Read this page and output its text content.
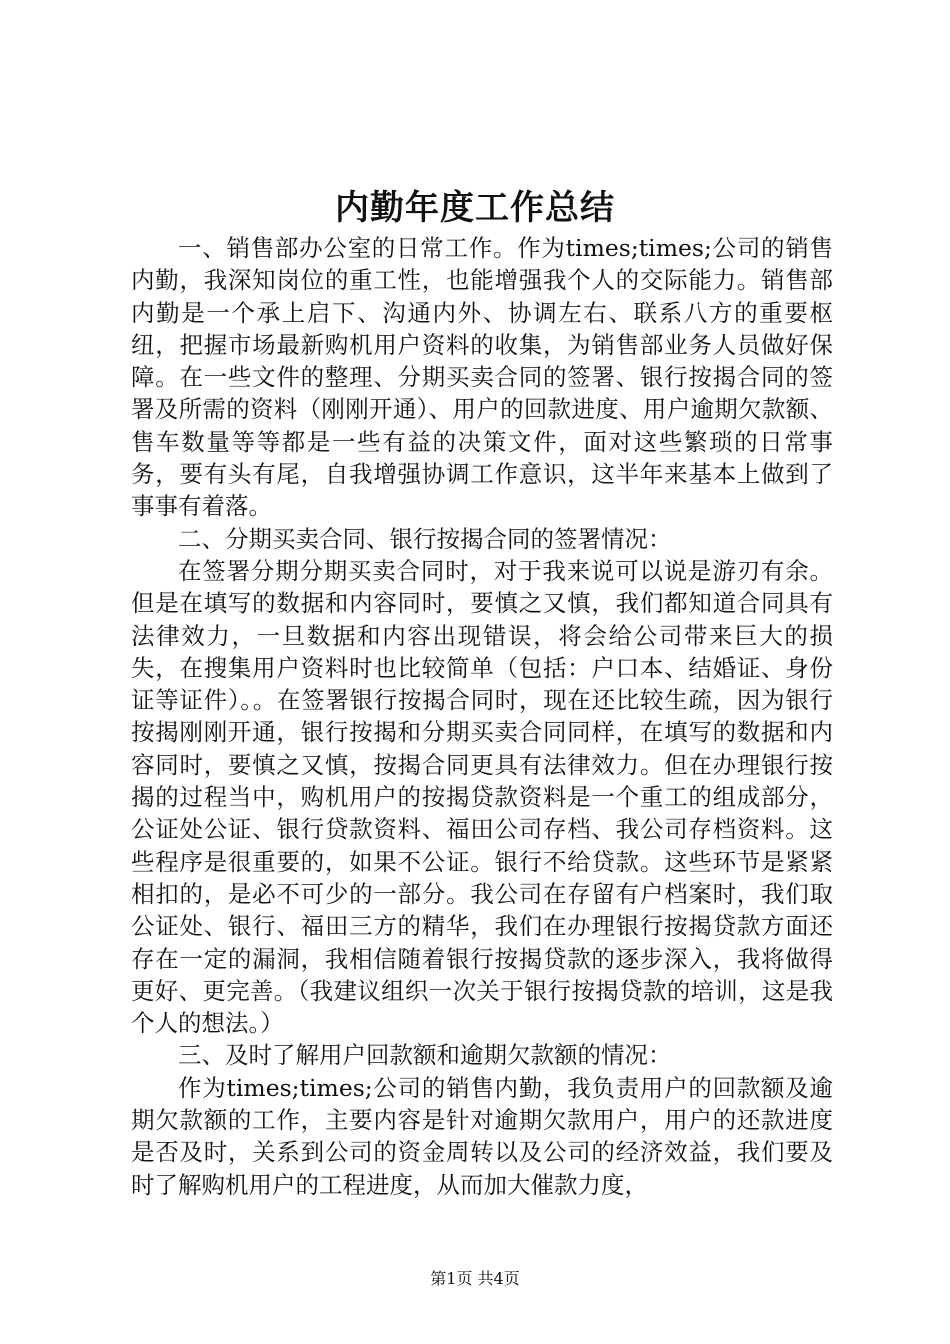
内勤年度工作总结

一、销售部办公室的日常工作。作为times;times;公司的销售内勤，我深知岗位的重工性，也能增强我个人的交际能力。销售部内勤是一个承上启下、沟通内外、协调左右、联系八方的重要枢纽，把握市场最新购机用户资料的收集，为销售部业务人员做好保障。在一些文件的整理、分期买卖合同的签署、银行按揭合同的签署及所需的资料（刚刚开通）、用户的回款进度、用户逾期欠款额、售车数量等等都是一些有益的决策文件，面对这些繁琐的日常事务，要有头有尾，自我增强协调工作意识，这半年来基本上做到了事事有着落。

二、分期买卖合同、银行按揭合同的签署情况：

在签署分期分期买卖合同时，对于我来说可以说是游刃有余。但是在填写的数据和内容同时，要慎之又慎，我们都知道合同具有法律效力，一旦数据和内容出现错误，将会给公司带来巨大的损失，在搜集用户资料时也比较简单（包括：户口本、结婚证、身份证等证件）。。在签署银行按揭合同时，现在还比较生疏，因为银行按揭刚刚开通，银行按揭和分期买卖合同同样，在填写的数据和内容同时，要慎之又慎，按揭合同更具有法律效力。但在办理银行按揭的过程当中，购机用户的按揭贷款资料是一个重工的组成部分，公证处公证、银行贷款资料、福田公司存档、我公司存档资料。这些程序是很重要的，如果不公证。银行不给贷款。这些环节是紧紧相扣的，是必不可少的一部分。我公司在存留有户档案时，我们取公证处、银行、福田三方的精华，我们在办理银行按揭贷款方面还存在一定的漏洞，我相信随着银行按揭贷款的逐步深入，我将做得更好、更完善。（我建议组织一次关于银行按揭贷款的培训，这是我个人的想法。）

三、及时了解用户回款额和逾期欠款额的情况：

作为times;times;公司的销售内勤，我负责用户的回款额及逾期欠款额的工作，主要内容是针对逾期欠款用户，用户的还款进度是否及时，关系到公司的资金周转以及公司的经济效益，我们要及时了解购机用户的工程进度，从而加大催款力度，

第1页 共4页
